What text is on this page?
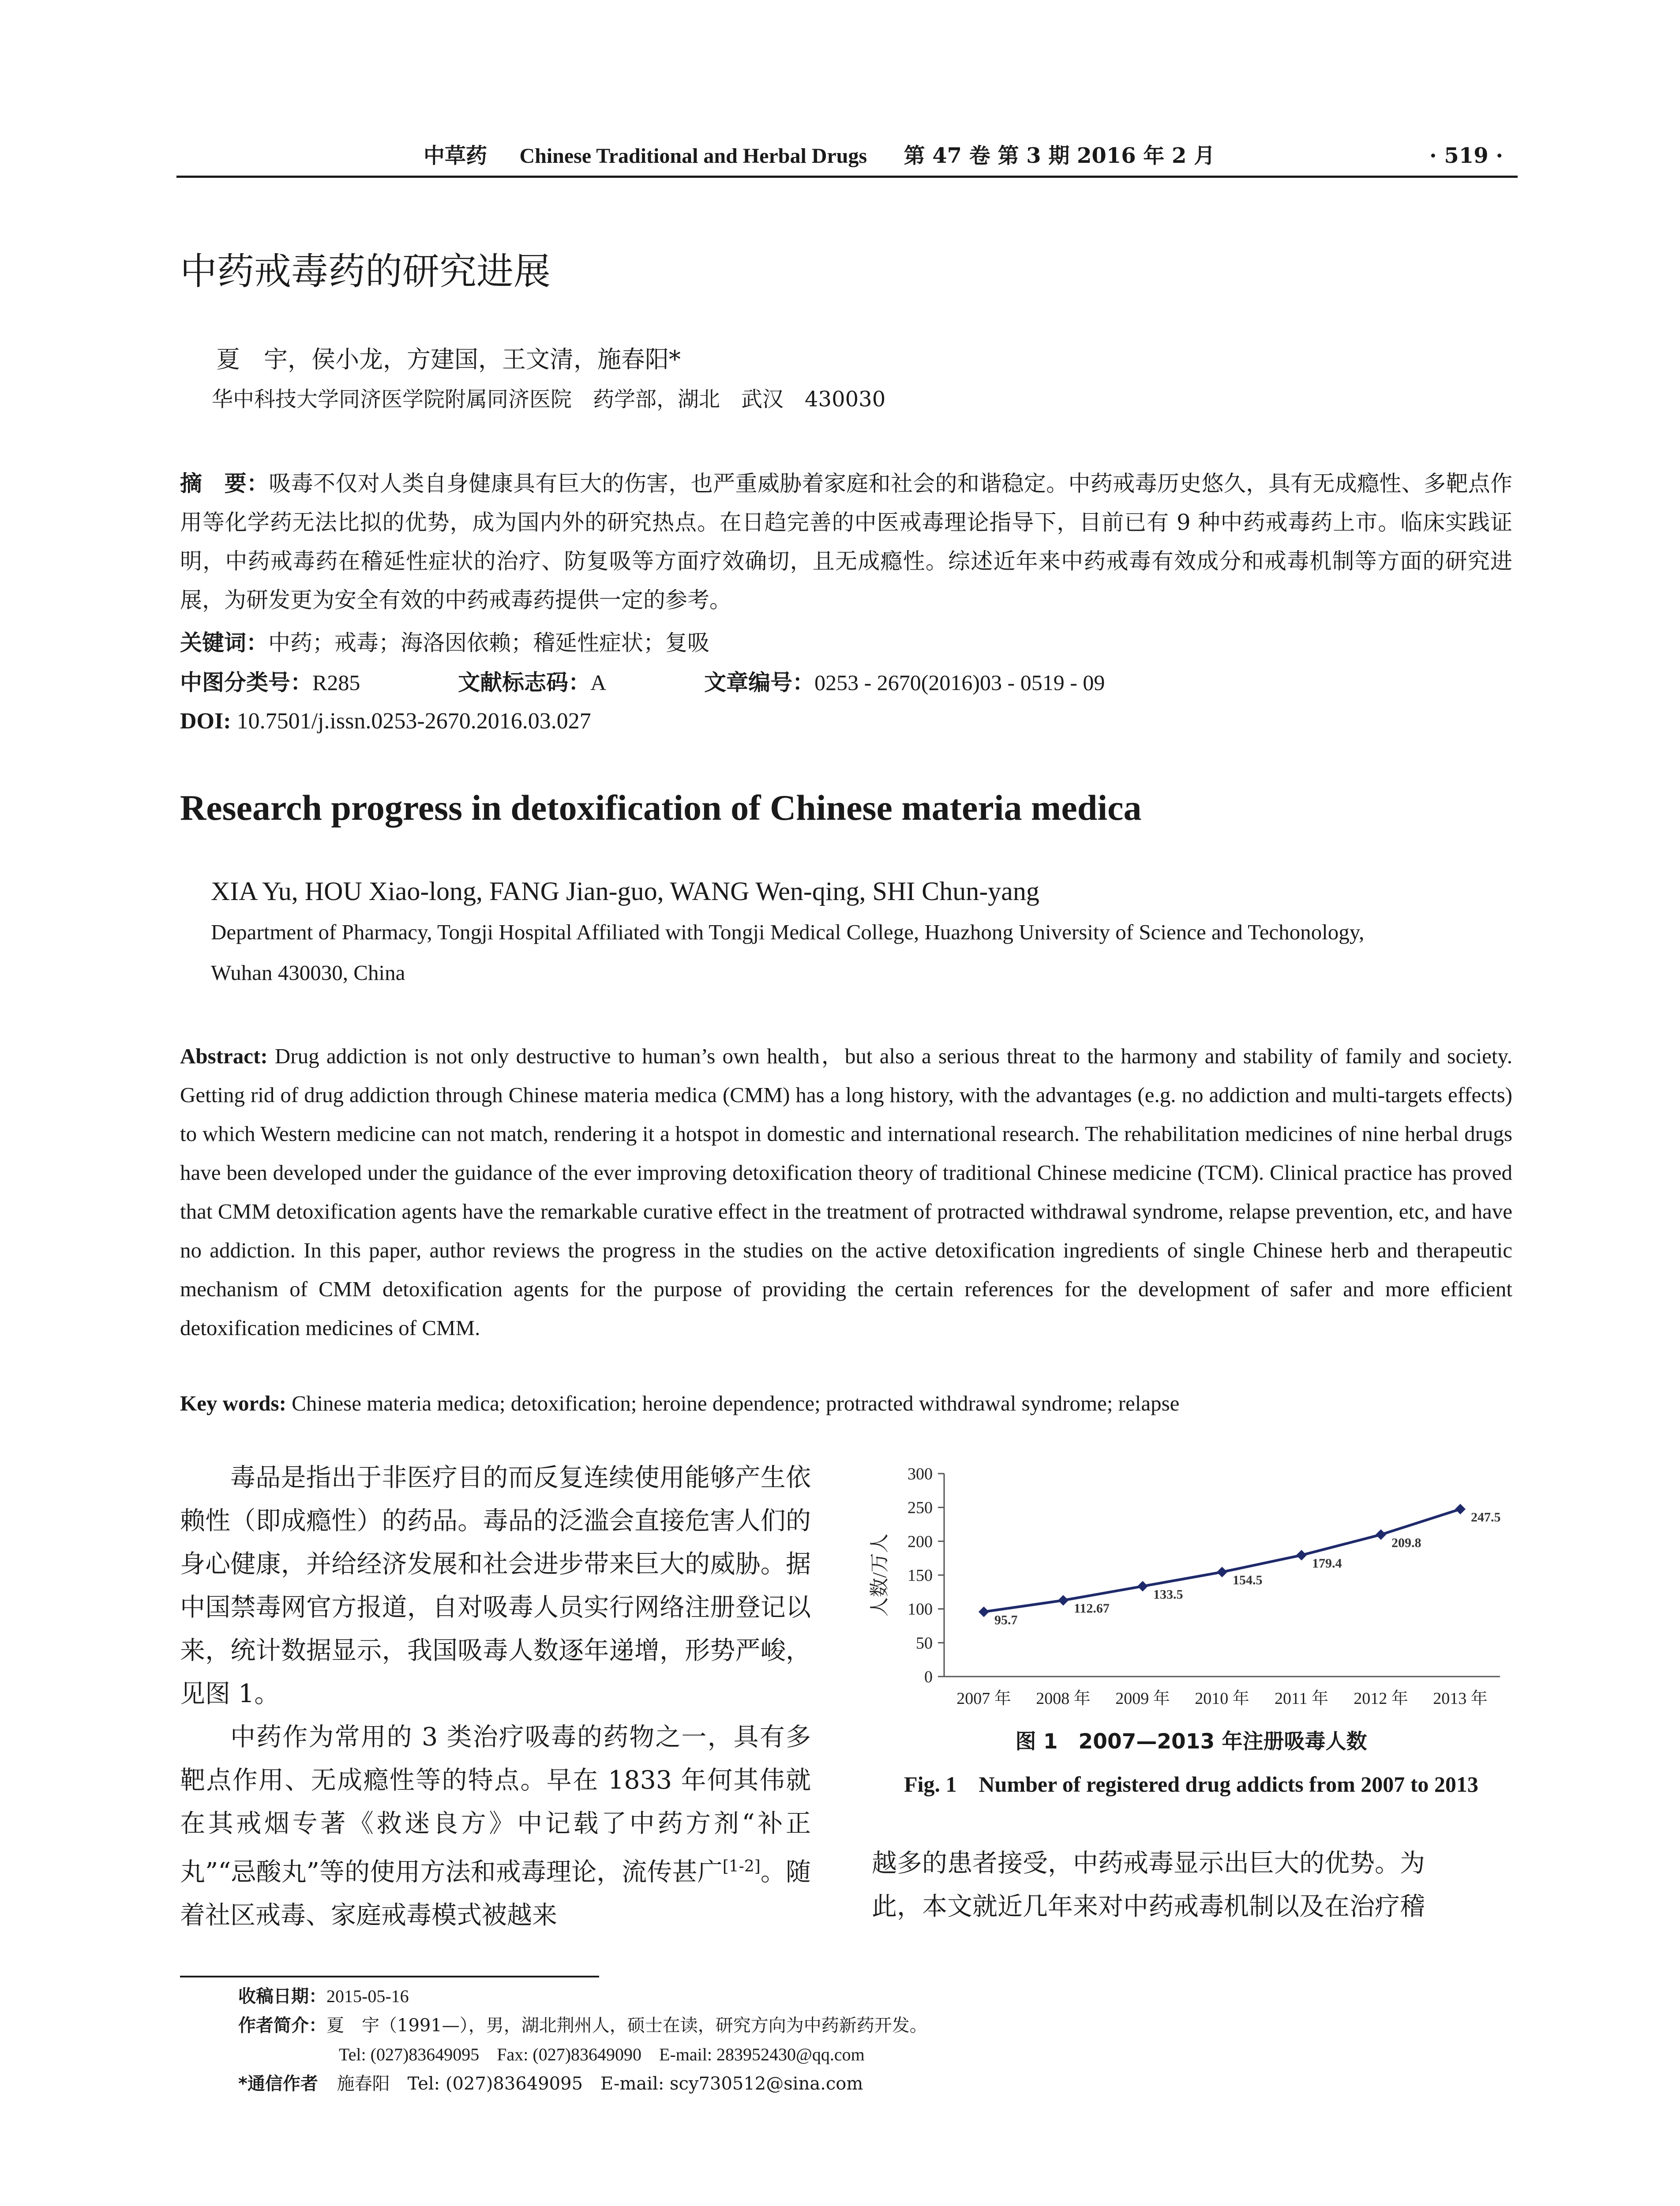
中草药 Chinese Traditional and Herbal Drugs 第 47 卷 第 3 期 2016 年 2 月	· 519 ·
中药戒毒药的研究进展
夏　宇，侯小龙，方建国，王文清，施春阳*
华中科技大学同济医学院附属同济医院　药学部，湖北　武汉　430030
摘　要：吸毒不仅对人类自身健康具有巨大的伤害，也严重威胁着家庭和社会的和谐稳定。中药戒毒历史悠久，具有无成瘾性、多靶点作用等化学药无法比拟的优势，成为国内外的研究热点。在日趋完善的中医戒毒理论指导下，目前已有 9 种中药戒毒药上市。临床实践证明，中药戒毒药在稽延性症状的治疗、防复吸等方面疗效确切，且无成瘾性。综述近年来中药戒毒有效成分和戒毒机制等方面的研究进展，为研发更为安全有效的中药戒毒药提供一定的参考。
关键词：中药；戒毒；海洛因依赖；稽延性症状；复吸
中图分类号：R285	文献标志码：A	文章编号：0253 - 2670(2016)03 - 0519 - 09
DOI: 10.7501/j.issn.0253-2670.2016.03.027
Research progress in detoxification of Chinese materia medica
XIA Yu, HOU Xiao-long, FANG Jian-guo, WANG Wen-qing, SHI Chun-yang
Department of Pharmacy, Tongji Hospital Affiliated with Tongji Medical College, Huazhong University of Science and Techonology,
Wuhan 430030, China
Abstract: Drug addiction is not only destructive to human’s own health，but also a serious threat to the harmony and stability of family and society. Getting rid of drug addiction through Chinese materia medica (CMM) has a long history, with the advantages (e.g. no addiction and multi-targets effects) to which Western medicine can not match, rendering it a hotspot in domestic and international research. The rehabilitation medicines of nine herbal drugs have been developed under the guidance of the ever improving detoxification theory of traditional Chinese medicine (TCM). Clinical practice has proved that CMM detoxification agents have the remarkable curative effect in the treatment of protracted withdrawal syndrome, relapse prevention, etc, and have no addiction. In this paper, author reviews the progress in the studies on the active detoxification ingredients of single Chinese herb and therapeutic mechanism of CMM detoxification agents for the purpose of providing the certain references for the development of safer and more efficient detoxification medicines of CMM.
Key words: Chinese materia medica; detoxification; heroine dependence; protracted withdrawal syndrome; relapse
毒品是指出于非医疗目的而反复连续使用能够产生依赖性（即成瘾性）的药品。毒品的泛滥会直接危害人们的身心健康，并给经济发展和社会进步带来巨大的威胁。据中国禁毒网官方报道，自对吸毒人员实行网络注册登记以来，统计数据显示，我国吸毒人数逐年递增，形势严峻，见图 1。
中药作为常用的 3 类治疗吸毒的药物之一，具有多靶点作用、无成瘾性等的特点。早在 1833 年何其伟就在其戒烟专著《救迷良方》中记载了中药方剂“补正丸”“忌酸丸”等的使用方法和戒毒理论，流传甚广[1-2]。随着社区戒毒、家庭戒毒模式被越来
0
50
100
150
200
250
300
2007 年 2008 年 2009 年 2010 年 2011 年 2012 年 2013 年
人数/万人
95.7
112.67
133.5
154.5
179.4
209.8
247.5
图 1　2007—2013 年注册吸毒人数
Fig. 1　Number of registered drug addicts from 2007 to 2013
越多的患者接受，中药戒毒显示出巨大的优势。为
此，本文就近几年来对中药戒毒机制以及在治疗稽
收稿日期：2015-05-16
作者简介：夏　宇（1991—），男，湖北荆州人，硕士在读，研究方向为中药新药开发。
Tel: (027)83649095　Fax: (027)83649090　E-mail: 283952430@qq.com
*通信作者 施春阳　Tel: (027)83649095　E-mail: scy730512@sina.com
